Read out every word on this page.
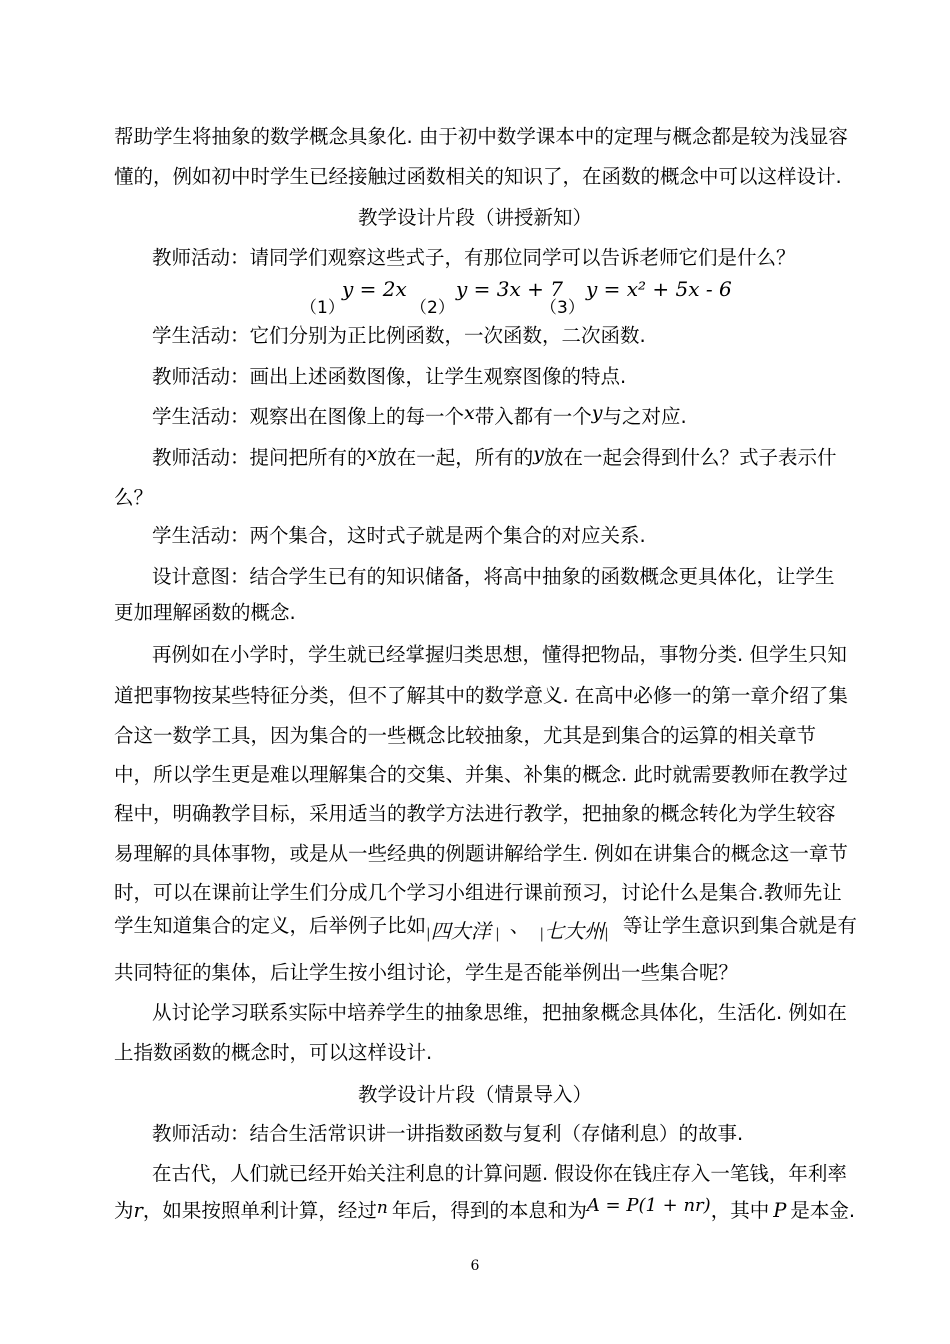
帮助学生将抽象的数学概念具象化. 由于初中数学课本中的定理与概念都是较为浅显容
懂的，例如初中时学生已经接触过函数相关的知识了，在函数的概念中可以这样设计.
教学设计片段（讲授新知）
教师活动：请同学们观察这些式子，有那位同学可以告诉老师它们是什么？
（1）
y = 2x
（2）
y = 3x + 7
（3）
y = x² + 5x - 6
学生活动：它们分别为正比例函数，一次函数，二次函数.
教师活动：画出上述函数图像，让学生观察图像的特点.
学生活动：观察出在图像上的每一个x带入都有一个y与之对应.
教师活动：提问把所有的x放在一起，所有的y放在一起会得到什么？式子表示什
么？
学生活动：两个集合，这时式子就是两个集合的对应关系.
设计意图：结合学生已有的知识储备，将高中抽象的函数概念更具体化，让学生
更加理解函数的概念.
再例如在小学时，学生就已经掌握归类思想，懂得把物品，事物分类. 但学生只知
道把事物按某些特征分类，但不了解其中的数学意义. 在高中必修一的第一章介绍了集
合这一数学工具，因为集合的一些概念比较抽象，尤其是到集合的运算的相关章节
中，所以学生更是难以理解集合的交集、并集、补集的概念. 此时就需要教师在教学过
程中，明确教学目标，采用适当的教学方法进行教学，把抽象的概念转化为学生较容
易理解的具体事物，或是从一些经典的例题讲解给学生. 例如在讲集合的概念这一章节
时，可以在课前让学生们分成几个学习小组进行课前预习，讨论什么是集合.教师先让
学生知道集合的定义，后举例子比如|四大洋 | 、 |七大州| 等让学生意识到集合就是有
共同特征的集体，后让学生按小组讨论，学生是否能举例出一些集合呢？
从讨论学习联系实际中培养学生的抽象思维，把抽象概念具体化，生活化. 例如在
上指数函数的概念时，可以这样设计.
教学设计片段（情景导入）
教师活动：结合生活常识讲一讲指数函数与复利（存储利息）的故事.
在古代，人们就已经开始关注利息的计算问题. 假设你在钱庄存入一笔钱，年利率
为r，如果按照单利计算，经过n 年后，得到的本息和为A = P(1 + nr)，其中 P 是本金.
6
